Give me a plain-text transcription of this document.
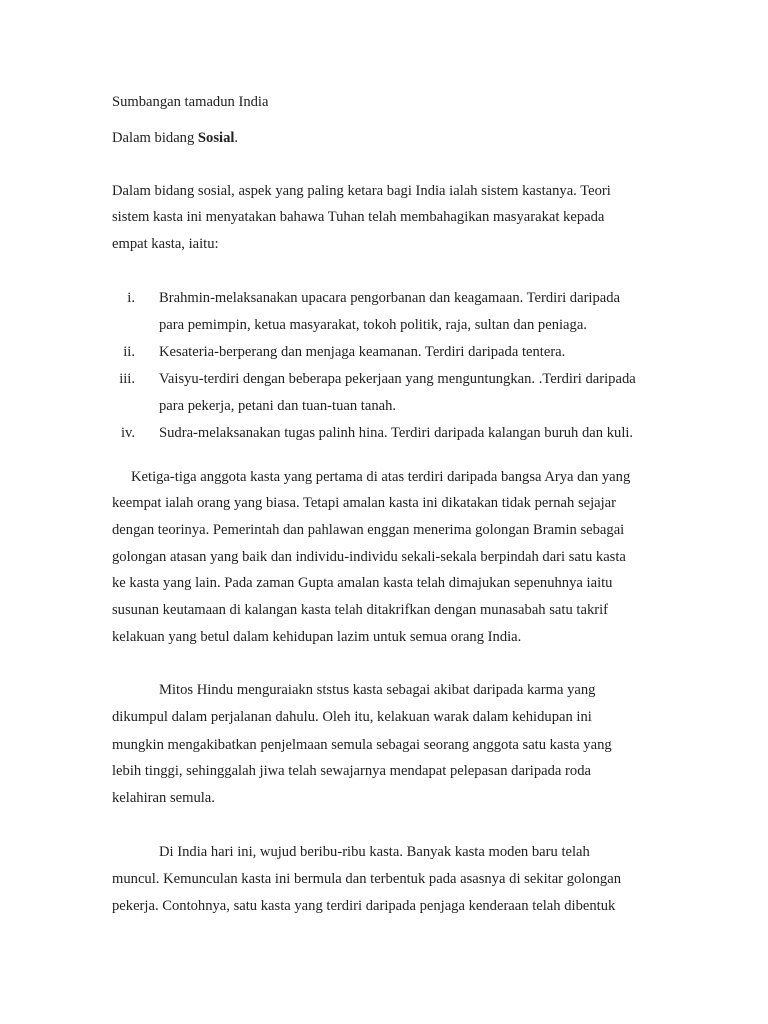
Sumbangan tamadun India
Dalam bidang Sosial.
Dalam bidang sosial, aspek yang paling ketara bagi India ialah sistem kastanya. Teori
sistem kasta ini menyatakan bahawa Tuhan telah membahagikan masyarakat kepada
empat kasta, iaitu:
i. Brahmin-melaksanakan upacara pengorbanan dan keagamaan. Terdiri daripada
para pemimpin, ketua masyarakat, tokoh politik, raja, sultan dan peniaga.
ii. Kesateria-berperang dan menjaga keamanan. Terdiri daripada tentera.
iii. Vaisyu-terdiri dengan beberapa pekerjaan yang menguntungkan. .Terdiri daripada
para pekerja, petani dan tuan-tuan tanah.
iv. Sudra-melaksanakan tugas palinh hina. Terdiri daripada kalangan buruh dan kuli.
Ketiga-tiga anggota kasta yang pertama di atas terdiri daripada bangsa Arya dan yang
keempat ialah orang yang biasa. Tetapi amalan kasta ini dikatakan tidak pernah sejajar
dengan teorinya. Pemerintah dan pahlawan enggan menerima golongan Bramin sebagai
golongan atasan yang baik dan individu-individu sekali-sekala berpindah dari satu kasta
ke kasta yang lain. Pada zaman Gupta amalan kasta telah dimajukan sepenuhnya iaitu
susunan keutamaan di kalangan kasta telah ditakrifkan dengan munasabah satu takrif
kelakuan yang betul dalam kehidupan lazim untuk semua orang India.
Mitos Hindu menguraiakn ststus kasta sebagai akibat daripada karma yang
dikumpul dalam perjalanan dahulu. Oleh itu, kelakuan warak dalam kehidupan ini
mungkin mengakibatkan penjelmaan semula sebagai seorang anggota satu kasta yang
lebih tinggi, sehinggalah jiwa telah sewajarnya mendapat pelepasan daripada roda
kelahiran semula.
Di India hari ini, wujud beribu-ribu kasta. Banyak kasta moden baru telah
muncul. Kemunculan kasta ini bermula dan terbentuk pada asasnya di sekitar golongan
pekerja. Contohnya, satu kasta yang terdiri daripada penjaga kenderaan telah dibentuk
